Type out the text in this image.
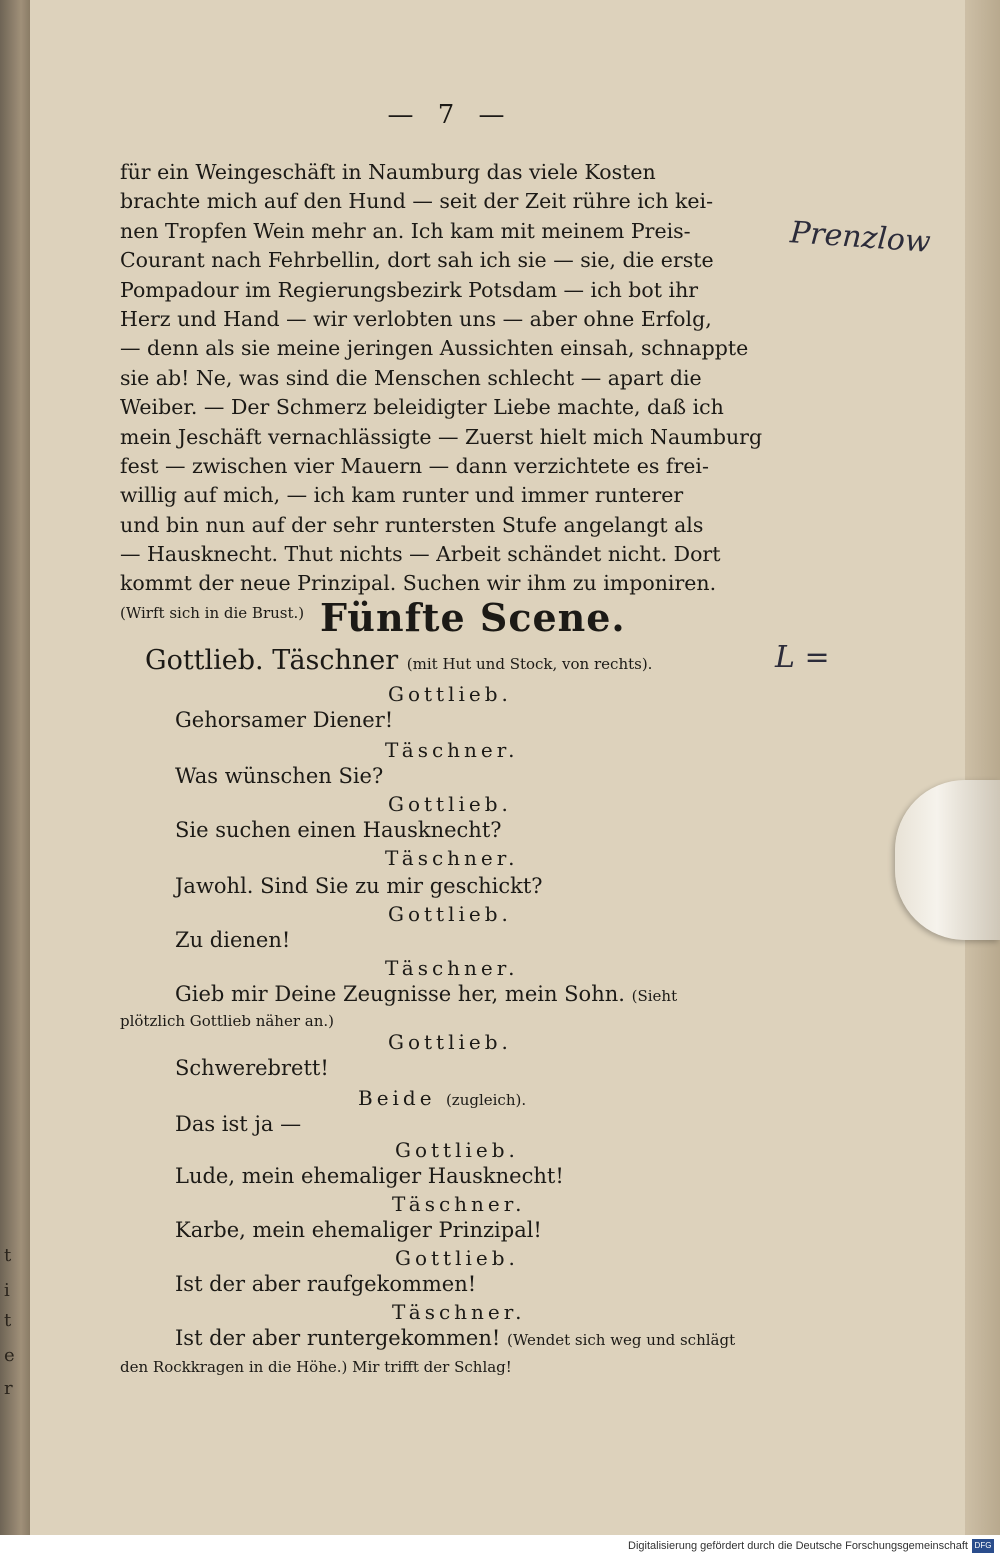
t
i
t
e
r
— 7 —
für ein Weingeschäft in Naumburg das viele Kosten
brachte mich auf den Hund — seit der Zeit rühre ich kei-
nen Tropfen Wein mehr an. Ich kam mit meinem Preis-
Courant nach Fehrbellin, dort sah ich sie — sie, die erste
Pompadour im Regierungsbezirk Potsdam — ich bot ihr
Herz und Hand — wir verlobten uns — aber ohne Erfolg,
— denn als sie meine jeringen Aussichten einsah, schnappte
sie ab! Ne, was sind die Menschen schlecht — apart die
Weiber. — Der Schmerz beleidigter Liebe machte, daß ich
mein Jeschäft vernachlässigte — Zuerst hielt mich Naumburg
fest — zwischen vier Mauern — dann verzichtete es frei-
willig auf mich, — ich kam runter und immer runterer
und bin nun auf der sehr runtersten Stufe angelangt als
— Hausknecht. Thut nichts — Arbeit schändet nicht. Dort
kommt der neue Prinzipal. Suchen wir ihm zu imponiren.
(Wirft sich in die Brust.) Fünfte Scene.
Gottlieb. Täschner (mit Hut und Stock, von rechts).
Gottlieb.
Gehorsamer Diener!
Täschner.
Was wünschen Sie?
Gottlieb.
Sie suchen einen Hausknecht?
Täschner.
Jawohl. Sind Sie zu mir geschickt?
Gottlieb.
Zu dienen!
Täschner.
Gieb mir Deine Zeugnisse her, mein Sohn. (Sieht
plötzlich Gottlieb näher an.)
Gottlieb.
Schwerebrett!
Beide (zugleich).
Das ist ja —
Gottlieb.
Lude, mein ehemaliger Hausknecht!
Täschner.
Karbe, mein ehemaliger Prinzipal!
Gottlieb.
Ist der aber raufgekommen!
Täschner.
Ist der aber runtergekommen! (Wendet sich weg und schlägt
den Rockkragen in die Höhe.) Mir trifft der Schlag!
Prenzlow
L =
Digitalisierung gefördert durch die Deutsche Forschungsgemeinschaft DFG
